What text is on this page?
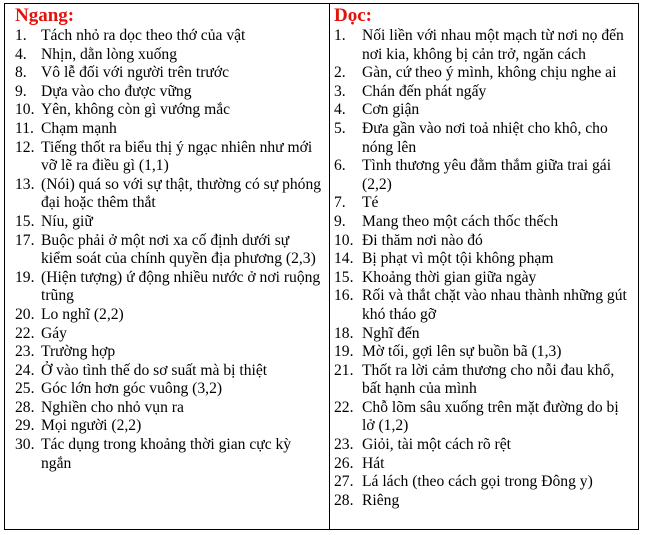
Ngang:
1. Tách nhỏ ra dọc theo thớ của vật
4. Nhịn, dằn lòng xuống
8. Vô lễ đối với người trên trước
9. Dựa vào cho được vững
10. Yên, không còn gì vướng mắc
11. Chạm mạnh
12. Tiếng thốt ra biểu thị ý ngạc nhiên như mới vỡ lẽ ra điều gì (1,1)
13. (Nói) quá so với sự thật, thường có sự phóng đại hoặc thêm thắt
15. Níu, giữ
17. Buộc phải ở một nơi xa cố định dưới sự kiểm soát của chính quyền địa phương (2,3)
19. (Hiện tượng) ứ động nhiều nước ở nơi ruộng trũng
20. Lo nghĩ (2,2)
22. Gáy
23. Trường hợp
24. Ở vào tình thế do sơ suất mà bị thiệt
25. Góc lớn hơn góc vuông (3,2)
28. Nghiền cho nhỏ vụn ra
29. Mọi người (2,2)
30. Tác dụng trong khoảng thời gian cực kỳ ngắn
Dọc:
1.	Nối liền với nhau một mạch từ nơi nọ đến nơi kia, không bị cản trở, ngăn cách
2.	Gàn, cứ theo ý mình, không chịu nghe ai
3.	Chán đến phát ngấy
4.	Cơn giận
5.	Đưa gần vào nơi toả nhiệt cho khô, cho nóng lên
6.	Tình thương yêu đằm thắm giữa trai gái (2,2)
7.	Té
9.	Mang theo một cách thốc thếch
10. Đi thăm nơi nào đó
14. Bị phạt vì một tội không phạm
15. Khoảng thời gian giữa ngày
16. Rối và thắt chặt vào nhau thành những gút khó tháo gỡ
18. Nghĩ đến
19. Mờ tối, gợi lên sự buồn bã (1,3)
21. Thốt ra lời cảm thương cho nỗi đau khổ, bất hạnh của mình
22. Chỗ lõm sâu xuống trên mặt đường do bị lở (1,2)
23. Giỏi, tài một cách rõ rệt
26. Hát
27. Lá lách (theo cách gọi trong Đông y)
28. Riêng
